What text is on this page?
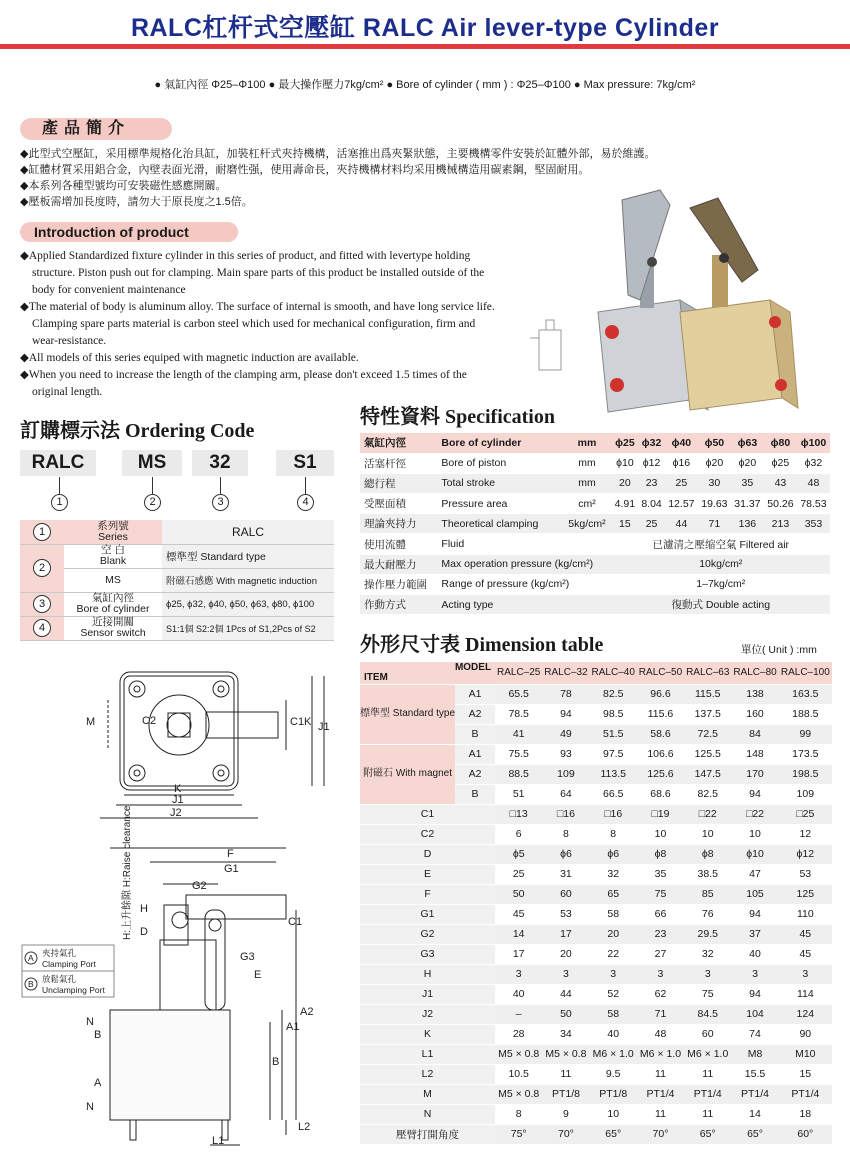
RALC杠杆式空壓缸 RALC Air lever-type Cylinder
● 氣缸內徑 Φ25–Φ100 ● 最大操作壓力7kg/cm² ● Bore of cylinder ( mm ) : Φ25–Φ100 ● Max pressure: 7kg/cm²
產品簡介
◆此型式空壓缸，采用標準規格化治具缸，加裝杠杆式夾持機構，活塞推出爲夾緊狀態，主要機構零件安裝於缸體外部，易於維護。
◆缸體材質采用鋁合金，內壁表面光滑，耐磨性强，使用壽命長，夾持機構材料均采用機械構造用碳素鋼，堅固耐用。
◆本系列各種型號均可安裝磁性感應開關。
◆壓板需增加長度時，請勿大于原長度之1.5倍。
Introduction of product
◆Applied Standardized fixture cylinder in this series of product, and fitted with levertype holding structure. Piston push out for clamping. Main spare parts of this product be installed outside of the body for convenient maintenance
◆The material of body is aluminum alloy. The surface of internal is smooth, and have long service life. Clamping spare parts material is carbon steel which used for mechanical configuration, firm and wear-resistance.
◆All models of this series equiped with magnetic induction are available.
◆When you need to increase the length of the clamping arm, please don't exceed 1.5 times of the original length.
M	C2	C1 K J1
K
J1
J2
F
G1
G2
H
D
C1
G3
E
A1
A2
B
N
N
L2
L1
A
B
H:上升餘隙 H:Raise clearance
A
B
夾持氣孔
Clamping Port
放鬆氣孔
Unclamping Port
訂購標示法 Ordering Code
RALC	MS	32	S1
1	2	3	4
1	系列號
Series	RALC
2	空 白
Blank	標準型 Standard type
	MS	附磁石感應 With magnetic induction
3	氣缸內徑
Bore of cylinder	ϕ25, ϕ32, ϕ40, ϕ50, ϕ63, ϕ80, ϕ100
4	近接開關
Sensor switch	S1:1個 S2:2個 1Pcs of S1,2Pcs of S2
特性資料 Specification
氣缸內徑	Bore of cylinder	mm	ϕ25	ϕ32	ϕ40	ϕ50	ϕ63	ϕ80	ϕ100
活塞杆徑	Bore of piston	mm	ϕ10	ϕ12	ϕ16	ϕ20	ϕ20	ϕ25	ϕ32
總行程	Total stroke	mm	20	23	25	30	35	43	48
受壓面積	Pressure area	cm²	4.91	8.04	12.57	19.63	31.37	50.26	78.53
理論夾持力	Theoretical clamping	5kg/cm²	15	25	44	71	136	213	353
使用流體	Fluid		已濾清之壓缩空氣 Filtered air						
最大耐壓力	Max operation pressure (kg/cm²)		10kg/cm²						
操作壓力範圍	Range of pressure (kg/cm²)		1–7kg/cm²						
作動方式	Acting type		復動式 Double acting						
外形尺寸表 Dimension table	單位( Unit ) :mm
MODEL
ITEM		RALC–25	RALC–32	RALC–40	RALC–50	RALC–63	RALC–80	RALC–100
標準型 Standard type	A1	65.5	78	82.5	96.6	115.5	138	163.5
	A2	78.5	94	98.5	115.6	137.5	160	188.5
	B	41	49	51.5	58.6	72.5	84	99
附磁石 With magnet	A1	75.5	93	97.5	106.6	125.5	148	173.5
	A2	88.5	109	113.5	125.6	147.5	170	198.5
	B	51	64	66.5	68.6	82.5	94	109
C1		□13	□16	□16	□19	□22	□22	□25
C2		6	8	8	10	10	10	12
D		ϕ5	ϕ6	ϕ6	ϕ8	ϕ8	ϕ10	ϕ12
E		25	31	32	35	38.5	47	53
F		50	60	65	75	85	105	125
G1		45	53	58	66	76	94	110
G2		14	17	20	23	29.5	37	45
G3		17	20	22	27	32	40	45
H		3	3	3	3	3	3	3
J1		40	44	52	62	75	94	114
J2		–	50	58	71	84.5	104	124
K		28	34	40	48	60	74	90
L1		M5 × 0.8	M5 × 0.8	M6 × 1.0	M6 × 1.0	M6 × 1.0	M8	M10
L2		10.5	11	9.5	11	11	15.5	15
M		M5 × 0.8	PT1/8	PT1/8	PT1/4	PT1/4	PT1/4	PT1/4
N		8	9	10	11	11	14	18
壓臂打開角度		75°	70°	65°	70°	65°	65°	60°
